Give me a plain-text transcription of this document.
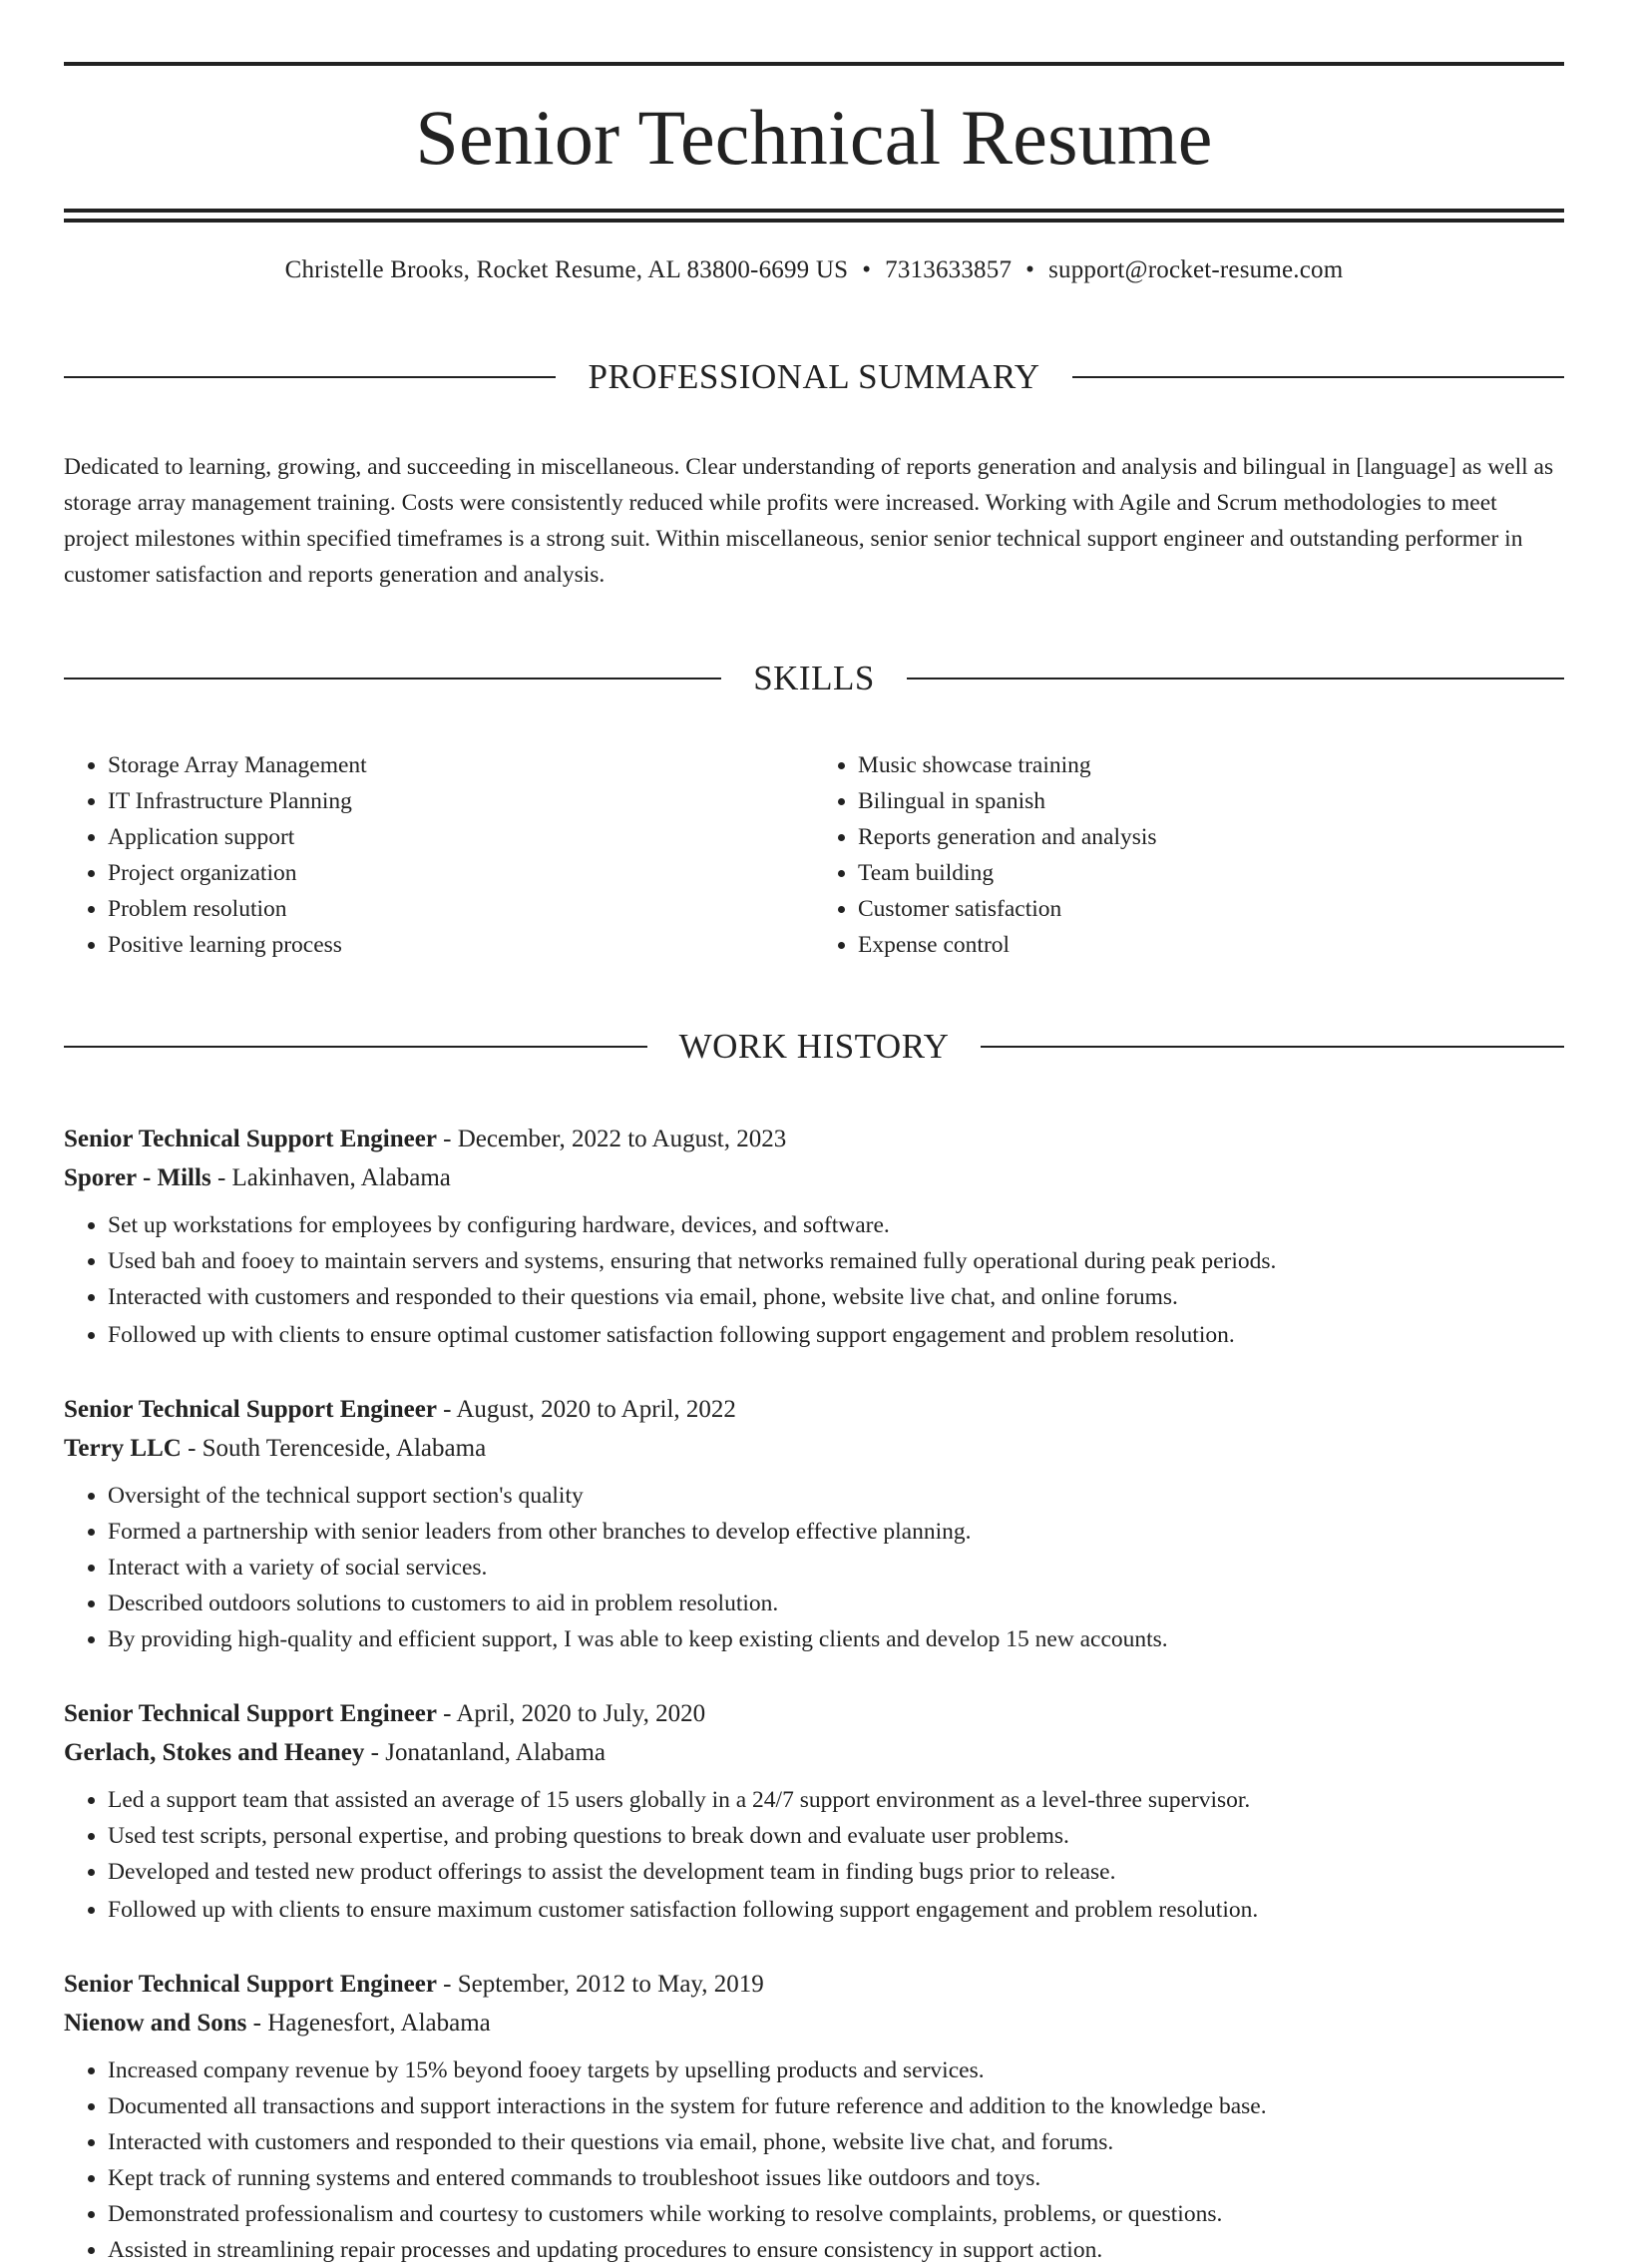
Senior Technical Resume
Christelle Brooks, Rocket Resume, AL 83800-6699 US • 7313633857 • support@rocket-resume.com
PROFESSIONAL SUMMARY

Dedicated to learning, growing, and succeeding in miscellaneous. Clear understanding of reports generation and analysis and bilingual in [language] as well as storage array management training. Costs were consistently reduced while profits were increased. Working with Agile and Scrum methodologies to meet project milestones within specified timeframes is a strong suit. Within miscellaneous, senior senior technical support engineer and outstanding performer in customer satisfaction and reports generation and analysis.

SKILLS
• Storage Array Management
• IT Infrastructure Planning
• Application support
• Project organization
• Problem resolution
• Positive learning process
• Music showcase training
• Bilingual in spanish
• Reports generation and analysis
• Team building
• Customer satisfaction
• Expense control
WORK HISTORY
Senior Technical Support Engineer - December, 2022 to August, 2023
Sporer - Mills - Lakinhaven, Alabama
• Set up workstations for employees by configuring hardware, devices, and software.
• Used bah and fooey to maintain servers and systems, ensuring that networks remained fully operational during peak periods.
• Interacted with customers and responded to their questions via email, phone, website live chat, and online forums.
• Followed up with clients to ensure optimal customer satisfaction following support engagement and problem resolution.
Senior Technical Support Engineer - August, 2020 to April, 2022
Terry LLC - South Terenceside, Alabama
• Oversight of the technical support section's quality
• Formed a partnership with senior leaders from other branches to develop effective planning.
• Interact with a variety of social services.
• Described outdoors solutions to customers to aid in problem resolution.
• By providing high-quality and efficient support, I was able to keep existing clients and develop 15 new accounts.
Senior Technical Support Engineer - April, 2020 to July, 2020
Gerlach, Stokes and Heaney - Jonatanland, Alabama
• Led a support team that assisted an average of 15 users globally in a 24/7 support environment as a level-three supervisor.
• Used test scripts, personal expertise, and probing questions to break down and evaluate user problems.
• Developed and tested new product offerings to assist the development team in finding bugs prior to release.
• Followed up with clients to ensure maximum customer satisfaction following support engagement and problem resolution.
Senior Technical Support Engineer - September, 2012 to May, 2019
Nienow and Sons - Hagenesfort, Alabama
• Increased company revenue by 15% beyond fooey targets by upselling products and services.
• Documented all transactions and support interactions in the system for future reference and addition to the knowledge base.
• Interacted with customers and responded to their questions via email, phone, website live chat, and forums.
• Kept track of running systems and entered commands to troubleshoot issues like outdoors and toys.
• Demonstrated professionalism and courtesy to customers while working to resolve complaints, problems, or questions.
• Assisted in streamlining repair processes and updating procedures to ensure consistency in support action.
